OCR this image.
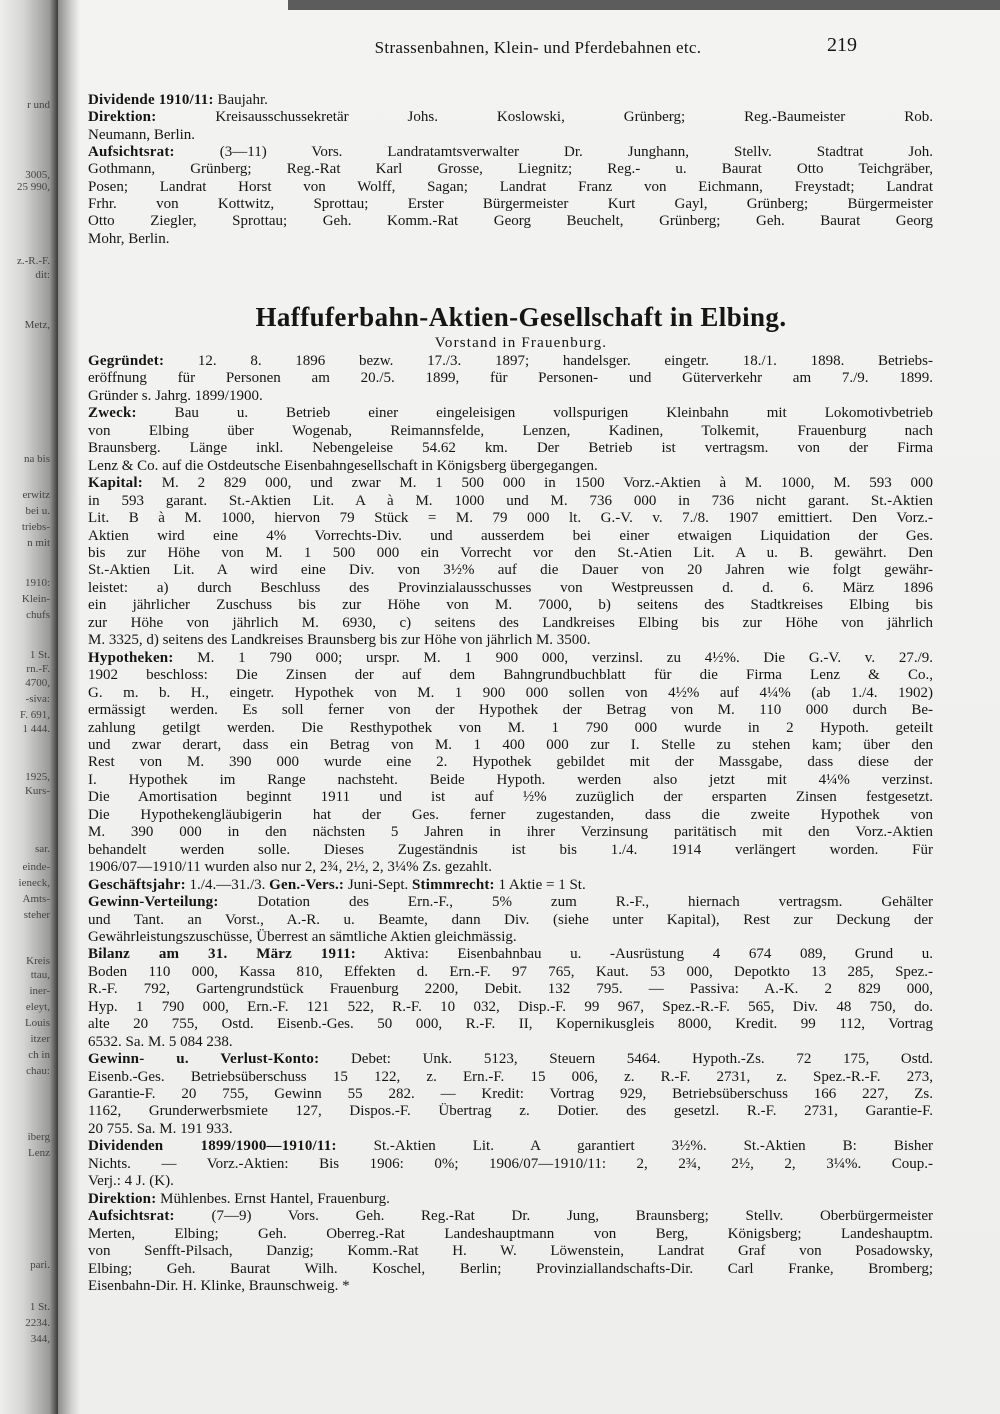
r und
3005,
25 990,
z.-R.-F.
dit:
Metz,
na bis
erwitz
bei u.
triebs-
n mit
1910:
Klein-
chufs
1 St.
rn.-F.
4700,
-siva:
F. 691,
1 444.
1925,
Kurs-
sar.
einde-
ieneck,
Amts-
steher
Kreis
ttau,
iner-
eleyt,
Louis
itzer
ch in
chau:
iberg
Lenz
pari.
1 St.
2234.
344,
Strassenbahnen, Klein- und Pferdebahnen etc.	219

Dividende 1910/11: Baujahr.

Direktion: Kreisausschussekretär Johs. Koslowski, Grünberg; Reg.-Baumeister Rob.

Neumann, Berlin.

Aufsichtsrat: (3—11) Vors. Landratamtsverwalter Dr. Junghann, Stellv. Stadtrat Joh.

Gothmann, Grünberg; Reg.-Rat Karl Grosse, Liegnitz; Reg.- u. Baurat Otto Teichgräber,

Posen; Landrat Horst von Wolff, Sagan; Landrat Franz von Eichmann, Freystadt; Landrat

Frhr. von Kottwitz, Sprottau; Erster Bürgermeister Kurt Gayl, Grünberg; Bürgermeister

Otto Ziegler, Sprottau; Geh. Komm.-Rat Georg Beuchelt, Grünberg; Geh. Baurat Georg

Mohr, Berlin.

Haffuferbahn-Aktien-Gesellschaft in Elbing.
Vorstand in Frauenburg.

Gegründet: 12. 8. 1896 bezw. 17./3. 1897; handelsger. eingetr. 18./1. 1898. Betriebs-

eröffnung für Personen am 20./5. 1899, für Personen- und Güterverkehr am 7./9. 1899.

Gründer s. Jahrg. 1899/1900.

Zweck: Bau u. Betrieb einer eingeleisigen vollspurigen Kleinbahn mit Lokomotivbetrieb

von Elbing über Wogenab, Reimannsfelde, Lenzen, Kadinen, Tolkemit, Frauenburg nach

Braunsberg. Länge inkl. Nebengeleise 54.62 km. Der Betrieb ist vertragsm. von der Firma

Lenz & Co. auf die Ostdeutsche Eisenbahngesellschaft in Königsberg übergegangen.

Kapital: M. 2 829 000, und zwar M. 1 500 000 in 1500 Vorz.-Aktien à M. 1000, M. 593 000

in 593 garant. St.-Aktien Lit. A à M. 1000 und M. 736 000 in 736 nicht garant. St.-Aktien

Lit. B à M. 1000, hiervon 79 Stück = M. 79 000 lt. G.-V. v. 7./8. 1907 emittiert. Den Vorz.-

Aktien wird eine 4% Vorrechts-Div. und ausserdem bei einer etwaigen Liquidation der Ges.

bis zur Höhe von M. 1 500 000 ein Vorrecht vor den St.-Atien Lit. A u. B. gewährt. Den

St.-Aktien Lit. A wird eine Div. von 3½% auf die Dauer von 20 Jahren wie folgt gewähr-

leistet: a) durch Beschluss des Provinzialausschusses von Westpreussen d. d. 6. März 1896

ein jährlicher Zuschuss bis zur Höhe von M. 7000, b) seitens des Stadtkreises Elbing bis

zur Höhe von jährlich M. 6930, c) seitens des Landkreises Elbing bis zur Höhe von jährlich

M. 3325, d) seitens des Landkreises Braunsberg bis zur Höhe von jährlich M. 3500.

Hypotheken: M. 1 790 000; urspr. M. 1 900 000, verzinsl. zu 4½%. Die G.-V. v. 27./9.

1902 beschloss: Die Zinsen der auf dem Bahngrundbuchblatt für die Firma Lenz & Co.,

G. m. b. H., eingetr. Hypothek von M. 1 900 000 sollen von 4½% auf 4¼% (ab 1./4. 1902)

ermässigt werden. Es soll ferner von der Hypothek der Betrag von M. 110 000 durch Be-

zahlung getilgt werden. Die Resthypothek von M. 1 790 000 wurde in 2 Hypoth. geteilt

und zwar derart, dass ein Betrag von M. 1 400 000 zur I. Stelle zu stehen kam; über den

Rest von M. 390 000 wurde eine 2. Hypothek gebildet mit der Massgabe, dass diese der

I. Hypothek im Range nachsteht. Beide Hypoth. werden also jetzt mit 4¼% verzinst.

Die Amortisation beginnt 1911 und ist auf ½% zuzüglich der ersparten Zinsen festgesetzt.

Die Hypothekengläubigerin hat der Ges. ferner zugestanden, dass die zweite Hypothek von

M. 390 000 in den nächsten 5 Jahren in ihrer Verzinsung paritätisch mit den Vorz.-Aktien

behandelt werden solle. Dieses Zugeständnis ist bis 1./4. 1914 verlängert worden. Für

1906/07—1910/11 wurden also nur 2, 2¾, 2½, 2, 3¼% Zs. gezahlt.

Geschäftsjahr: 1./4.—31./3. Gen.-Vers.: Juni-Sept. Stimmrecht: 1 Aktie = 1 St.

Gewinn-Verteilung: Dotation des Ern.-F., 5% zum R.-F., hiernach vertragsm. Gehälter

und Tant. an Vorst., A.-R. u. Beamte, dann Div. (siehe unter Kapital), Rest zur Deckung der

Gewährleistungszuschüsse, Überrest an sämtliche Aktien gleichmässig.

Bilanz am 31. März 1911: Aktiva: Eisenbahnbau u. -Ausrüstung 4 674 089, Grund u.

Boden 110 000, Kassa 810, Effekten d. Ern.-F. 97 765, Kaut. 53 000, Depotkto 13 285, Spez.-

R.-F. 792, Gartengrundstück Frauenburg 2200, Debit. 132 795. — Passiva: A.-K. 2 829 000,

Hyp. 1 790 000, Ern.-F. 121 522, R.-F. 10 032, Disp.-F. 99 967, Spez.-R.-F. 565, Div. 48 750, do.

alte 20 755, Ostd. Eisenb.-Ges. 50 000, R.-F. II, Kopernikusgleis 8000, Kredit. 99 112, Vortrag

6532. Sa. M. 5 084 238.

Gewinn- u. Verlust-Konto: Debet: Unk. 5123, Steuern 5464. Hypoth.-Zs. 72 175, Ostd.

Eisenb.-Ges. Betriebsüberschuss 15 122, z. Ern.-F. 15 006, z. R.-F. 2731, z. Spez.-R.-F. 273,

Garantie-F. 20 755, Gewinn 55 282. — Kredit: Vortrag 929, Betriebsüberschuss 166 227, Zs.

1162, Grunderwerbsmiete 127, Dispos.-F. Übertrag z. Dotier. des gesetzl. R.-F. 2731, Garantie-F.

20 755. Sa. M. 191 933.

Dividenden 1899/1900—1910/11: St.-Aktien Lit. A garantiert 3½%. St.-Aktien B: Bisher

Nichts. — Vorz.-Aktien: Bis 1906: 0%; 1906/07—1910/11: 2, 2¾, 2½, 2, 3¼%. Coup.-

Verj.: 4 J. (K).

Direktion: Mühlenbes. Ernst Hantel, Frauenburg.

Aufsichtsrat: (7—9) Vors. Geh. Reg.-Rat Dr. Jung, Braunsberg; Stellv. Oberbürgermeister

Merten, Elbing; Geh. Oberreg.-Rat Landeshauptmann von Berg, Königsberg; Landeshauptm.

von Senfft-Pilsach, Danzig; Komm.-Rat H. W. Löwenstein, Landrat Graf von Posadowsky,

Elbing; Geh. Baurat Wilh. Koschel, Berlin; Provinziallandschafts-Dir. Carl Franke, Bromberg;

Eisenbahn-Dir. H. Klinke, Braunschweig. *
